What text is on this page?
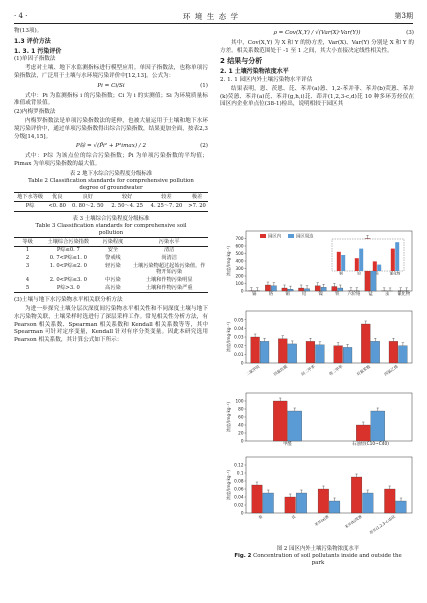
· 4 ·	环 境 生 态 学	第3期
物(13项)。
1.3 评价方法
1. 3. 1 污染评价
(1)单因子指数法

考虑对土壤、地下水监测指标进行模型应用。单因子指数法，也称单项污染指数法，广泛用于土壤与水环境污染评价中[12,13]。公式为：

Pi = Ci/Si	(1)

式中：Pi 为监测指标 i 的污染指数；Ci 为 i 的实测值；Si 为环境质量标准值或背景值。

(2)内梅罗指数法

内梅罗指数法是单项污染指数法的延伸，也被大量运用于土壤和地下水环境污染评价中，通过单项污染指数得出综合污染指数，结果更加全面，按表2,3 分级[14,15]。

P综 = √(P̄i² + P²imax) / 2	(2)

式中：P综 为该点位的综合污染指数；P̄i 为单项污染指数的平均值；Pimax 为单项污染指数的最大值。

表 2 地下水综合污染程度分级标准
Table 2 Classification standards for comprehensive pollution degree of groundwater
地下水等级	优良	良好	较好	较差	极差
P综	<0. 80	0. 80～2. 50	2. 50～4. 25	4. 25～7. 20	>7. 20
表 3 土壤综合污染程度分级标准
Table 3 Classification standards for comprehensive soil pollution
等级	土壤综合污染指数	污染程度	污染水平
1	P综≤0. 7	安全	清洁
2	0. 7<P综≤1. 0	警戒线	尚清洁
3	1. 0<P综≤2. 0	轻污染	土壤污染物超过起始污染值，作物开始污染
4	2. 0<P综≤3. 0	中污染	土壤和作物污染明显
5	P综>3. 0	高污染	土壤和作物污染严重
(3)土壤与地下水污染物水平相关联分析方法

为进一步探究土壤分层次深度间污染物水平相关性和不同深度土壤与地下水污染物关联，土壤采样时选进行了深层采样工作。常见相关性分析方法，有 Pearson 相关系数、Spearman 相关系数和 Kendall 相关系数等等，其中 Spearman 可针对定序变量，Kendall 针对有序分类变量。因此本研究选用 Pearson 相关系数，其计算公式如下所示：

ρ = Cov(X,Y) / √(Var(X)·Var(Y))	(3)

其中，Cov(X,Y) 为 X 和 Y 的协方差，Var(X)、Var(Y) 分别是 X 和 Y 的方差。相关系数范围处于 -1 至 1 之间，其大小直接决定线性相关性。

2 结果与分析
2. 1 土壤污染物浓度水平
2. 1. 1 园区内外土壤污染物水平评估

结果表明，恩、茨恩、芘、苯并(a)蒽、1,2-苯并菲、苯并(b)荧蒽、苯并(k)荧蒽、苯并(a)芘、苯并(g,h,i)苝、茚并(1,2,3-c,d)芘 10 种多环芳烃仅在园区内企业单点位(38-1)检出，说明相较于园区其

0
100
200
300
400
500
600
700
浓度/(mg·kg⁻¹)
镉	铬	铜	铅	镍	铁 六价铬 锰	汞 氰化物
园区内	园区周边
铜	铅	汞	氰化物
0
0.01
0.02
0.03
0.04
0.05
浓度/(mg·kg⁻¹)
二氯甲烷	四氯化碳	间二甲苯	邻二甲苯	对氯苯胺	四氯乙烯
0
20
40
60
80
100
浓度/(mg·kg⁻¹)
甲醛	石油烃(C10~C40)
0
0.02
0.04
0.06
0.08
0.1
0.12
浓度/(mg·kg⁻¹)
萘	芘	苯并(a)蒽	苯并(b)荧蒽 茚并(1,2,3-c,d)芘
图 2 园区内外土壤污染物浓度水平
Fig. 2 Concentration of soil pollutants inside and outside the park
